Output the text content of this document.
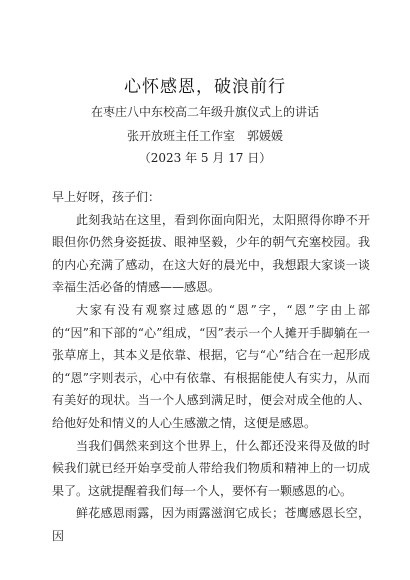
心怀感恩，破浪前行
在枣庄八中东校高二年级升旗仪式上的讲话
张开放班主任工作室　郭媛媛
（2023 年 5 月 17 日）

早上好呀，孩子们：

此刻我站在这里，看到你面向阳光，太阳照得你睁不开眼但你仍然身姿挺拔、眼神坚毅，少年的朝气充塞校园。我的内心充满了感动，在这大好的晨光中，我想跟大家谈一谈幸福生活必备的情感——感恩。

大家有没有观察过感恩的“恩”字，“恩”字由上部的“因”和下部的“心”组成，“因”表示一个人摊开手脚躺在一张草席上，其本义是依靠、根据，它与“心”结合在一起形成的“恩”字则表示，心中有依靠、有根据能使人有实力，从而有美好的现状。当一个人感到满足时，便会对成全他的人、给他好处和情义的人心生感激之情，这便是感恩。

当我们偶然来到这个世界上，什么都还没来得及做的时候我们就已经开始享受前人带给我们物质和精神上的一切成果了。这就提醒着我们每一个人，要怀有一颗感恩的心。

鲜花感恩雨露，因为雨露滋润它成长；苍鹰感恩长空，因
